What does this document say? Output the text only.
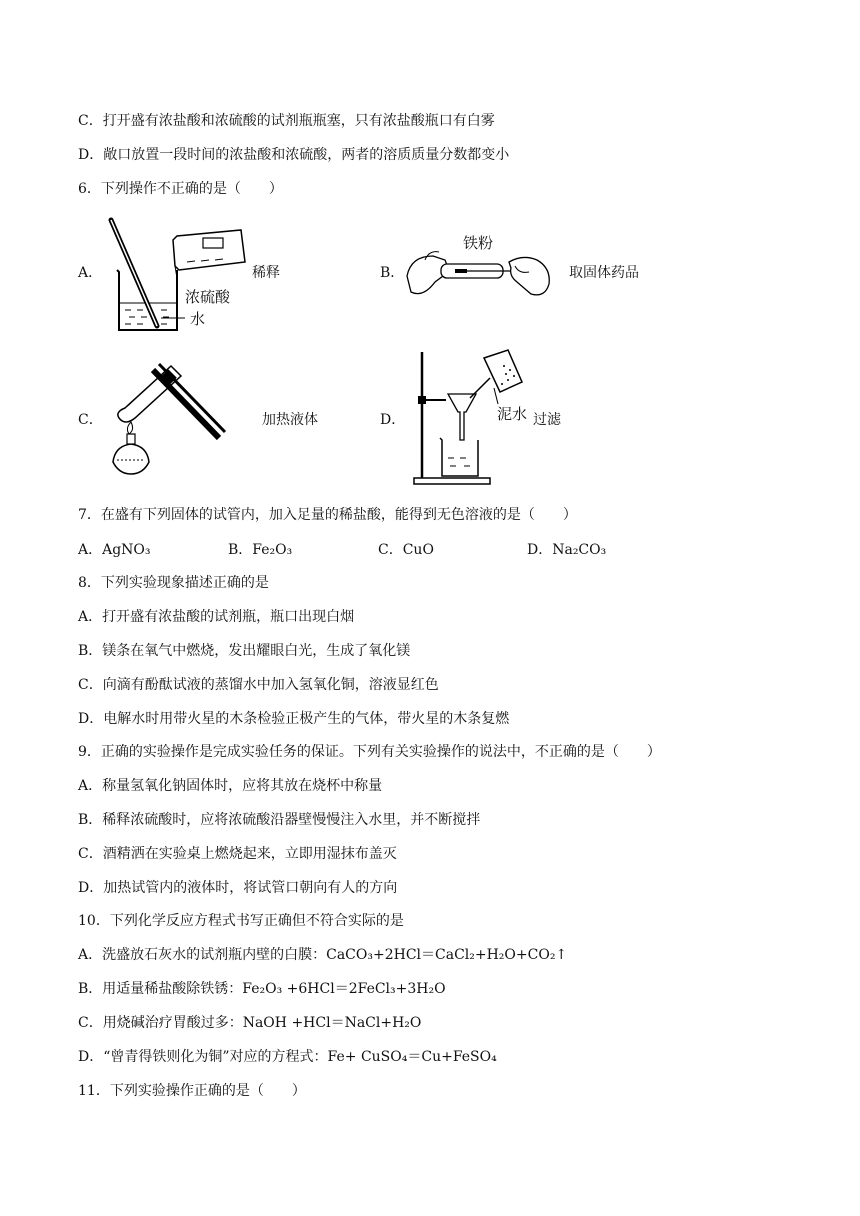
C．打开盛有浓盐酸和浓硫酸的试剂瓶瓶塞，只有浓盐酸瓶口有白雾
D．敞口放置一段时间的浓盐酸和浓硫酸，两者的溶质质量分数都变小
6．下列操作不正确的是（　　）
A．
浓硫酸
水
稀释	B．
铁粉
取固体药品
C．	加热液体	D．	泥水 过滤
7．在盛有下列固体的试管内，加入足量的稀盐酸，能得到无色溶液的是（　　）
A．AgNO₃	B．Fe₂O₃	C．CuO	D．Na₂CO₃
8．下列实验现象描述正确的是
A．打开盛有浓盐酸的试剂瓶，瓶口出现白烟
B．镁条在氧气中燃烧，发出耀眼白光，生成了氧化镁
C．向滴有酚酞试液的蒸馏水中加入氢氧化铜，溶液显红色
D．电解水时用带火星的木条检验正极产生的气体，带火星的木条复燃
9．正确的实验操作是完成实验任务的保证。下列有关实验操作的说法中，不正确的是（　　）
A．称量氢氧化钠固体时，应将其放在烧杯中称量
B．稀释浓硫酸时，应将浓硫酸沿器壁慢慢注入水里，并不断搅拌
C．酒精洒在实验桌上燃烧起来，立即用湿抹布盖灭
D．加热试管内的液体时，将试管口朝向有人的方向
10．下列化学反应方程式书写正确但不符合实际的是
A．洗盛放石灰水的试剂瓶内壁的白膜：CaCO₃+2HCl＝CaCl₂+H₂O+CO₂↑
B．用适量稀盐酸除铁锈：Fe₂O₃ +6HCl＝2FeCl₃+3H₂O
C．用烧碱治疗胃酸过多：NaOH +HCl＝NaCl+H₂O
D．“曾青得铁则化为铜”对应的方程式：Fe+ CuSO₄＝Cu+FeSO₄
11．下列实验操作正确的是（　　）
